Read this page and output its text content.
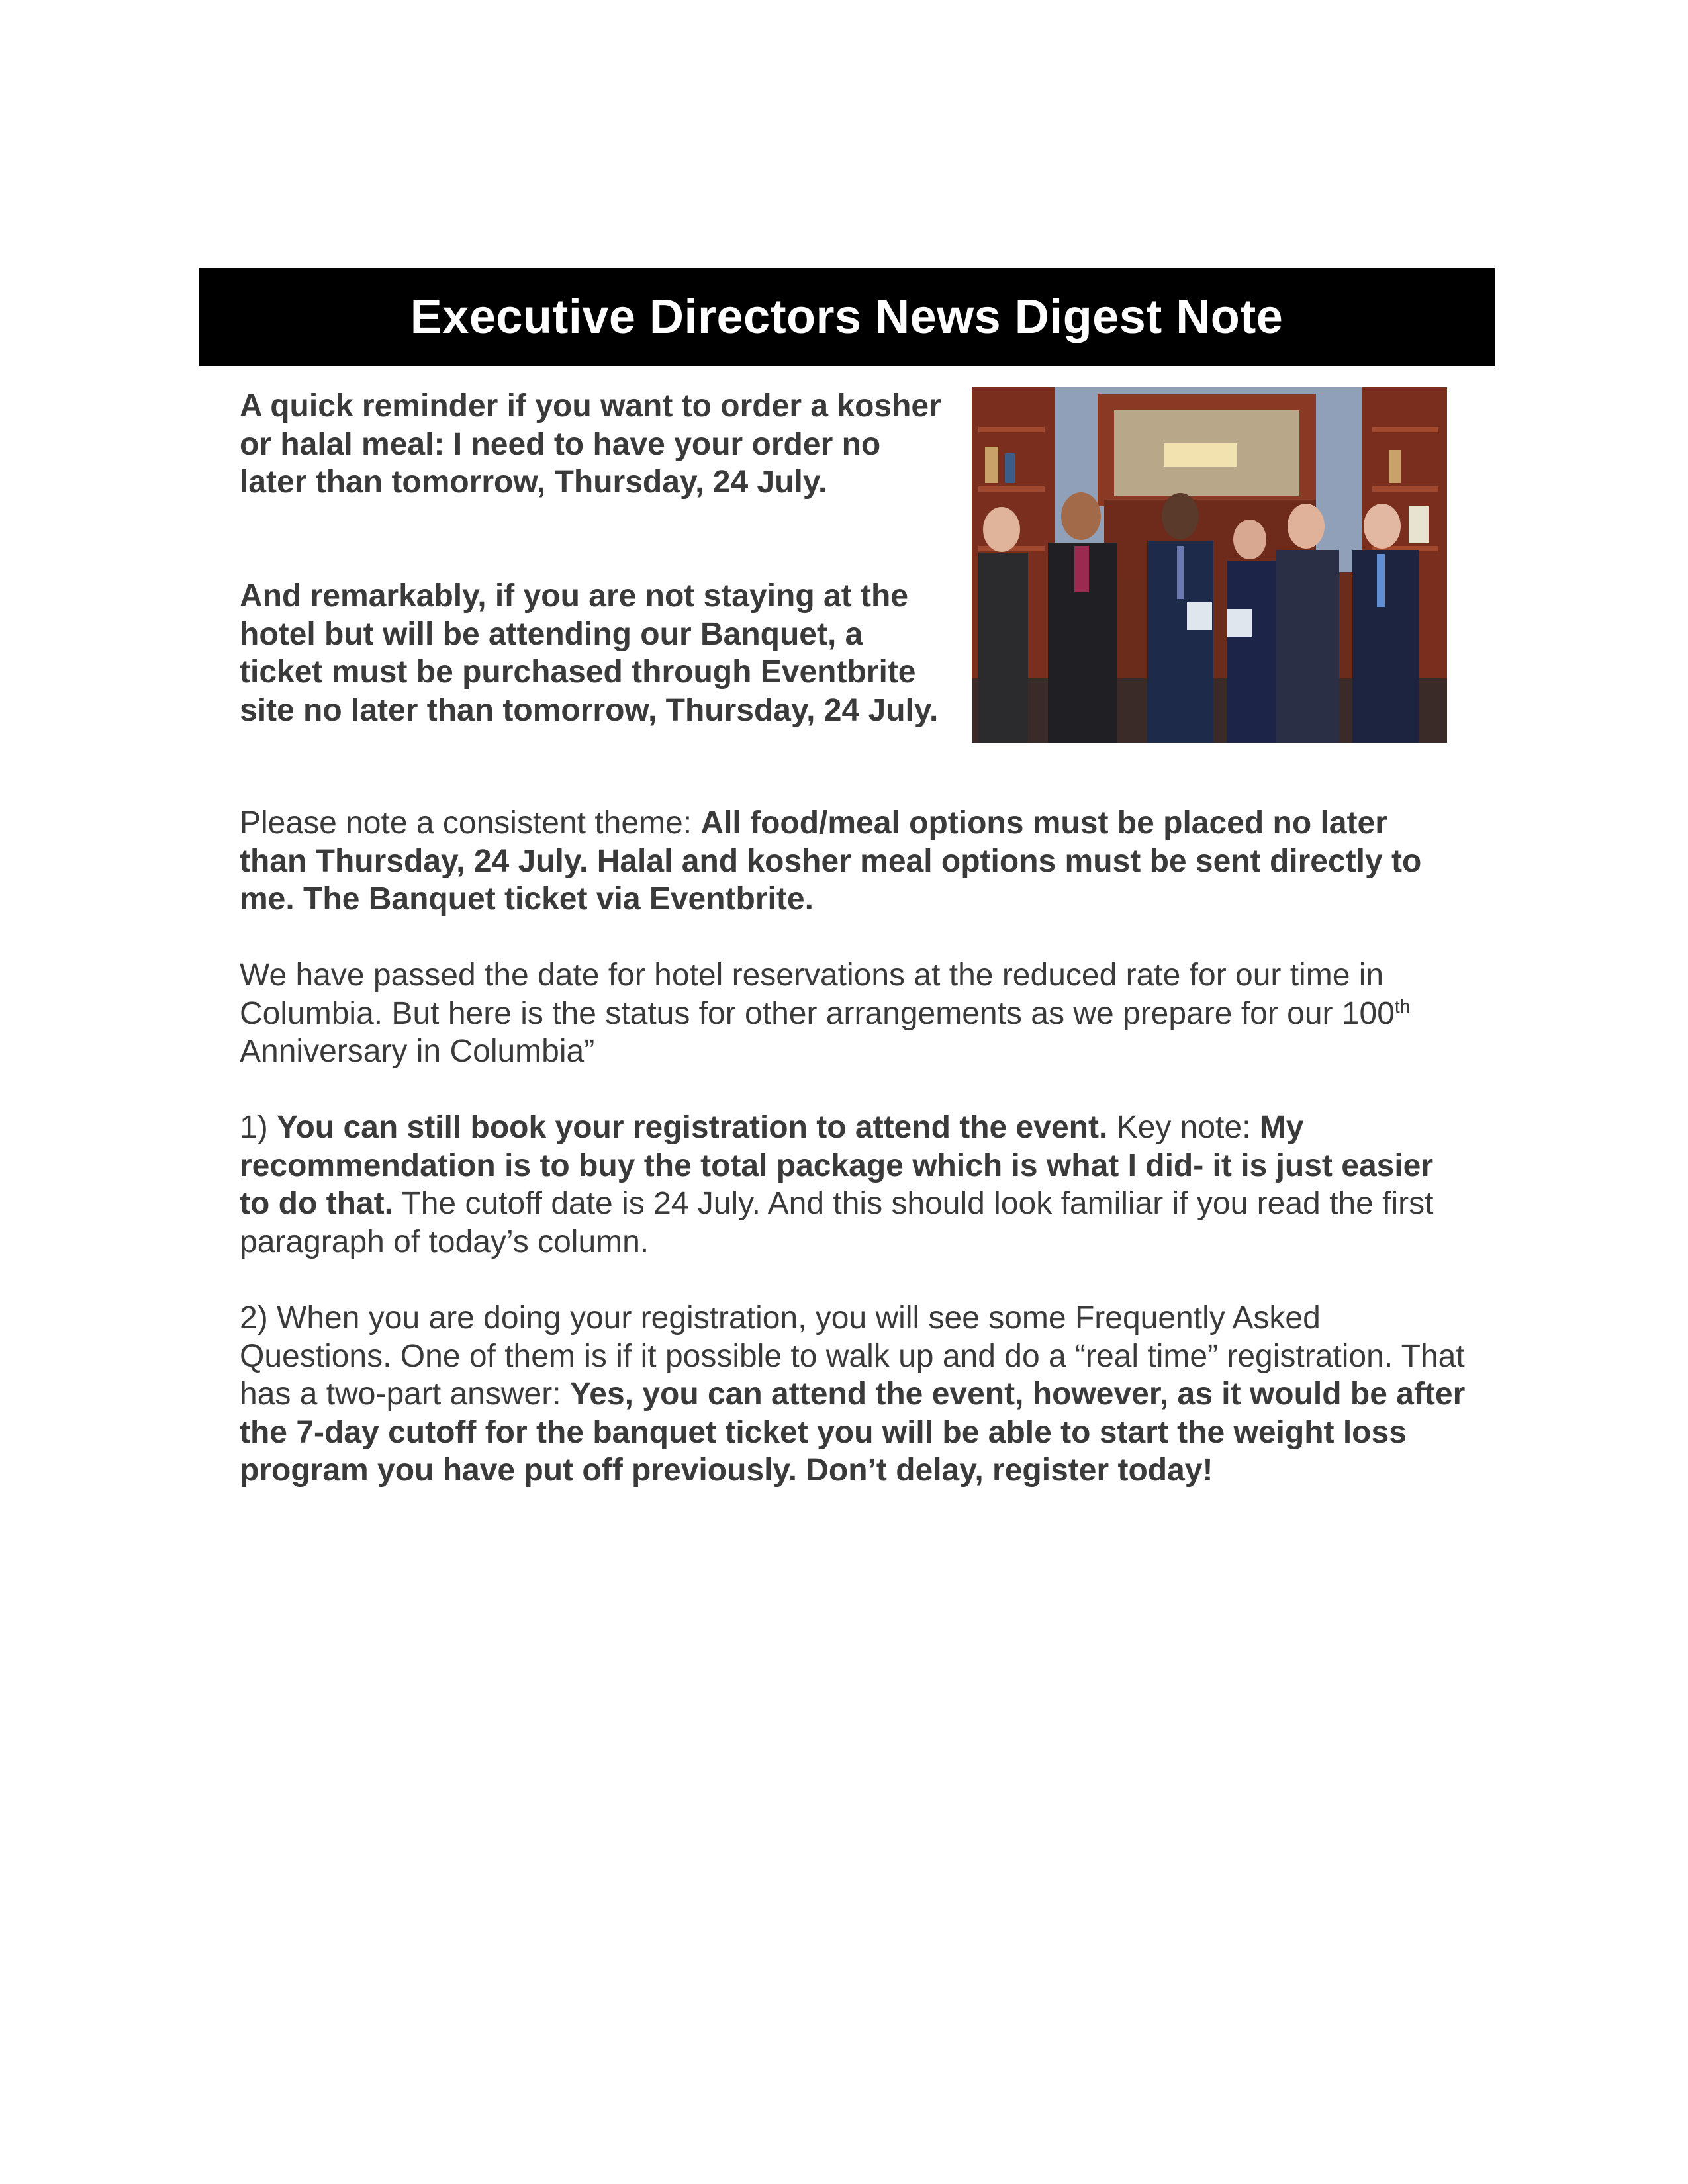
Executive Directors News Digest Note

A quick reminder if you want to order a kosher or halal meal: I need to have your order no later than tomorrow, Thursday, 24 July.

And remarkably, if you are not staying at the hotel but will be attending our Banquet, a ticket must be purchased through Eventbrite site no later than tomorrow, Thursday, 24 July.

Please note a consistent theme: All food/meal options must be placed no later than Thursday, 24 July. Halal and kosher meal options must be sent directly to me. The Banquet ticket via Eventbrite.

We have passed the date for hotel reservations at the reduced rate for our time in Columbia. But here is the status for other arrangements as we prepare for our 100th Anniversary in Columbia”

1) You can still book your registration to attend the event. Key note: My recommendation is to buy the total package which is what I did- it is just easier to do that. The cutoff date is 24 July. And this should look familiar if you read the first paragraph of today’s column.

2) When you are doing your registration, you will see some Frequently Asked Questions. One of them is if it possible to walk up and do a “real time” registration. That has a two-part answer: Yes, you can attend the event, however, as it would be after the 7-day cutoff for the banquet ticket you will be able to start the weight loss program you have put off previously. Don’t delay, register today!
